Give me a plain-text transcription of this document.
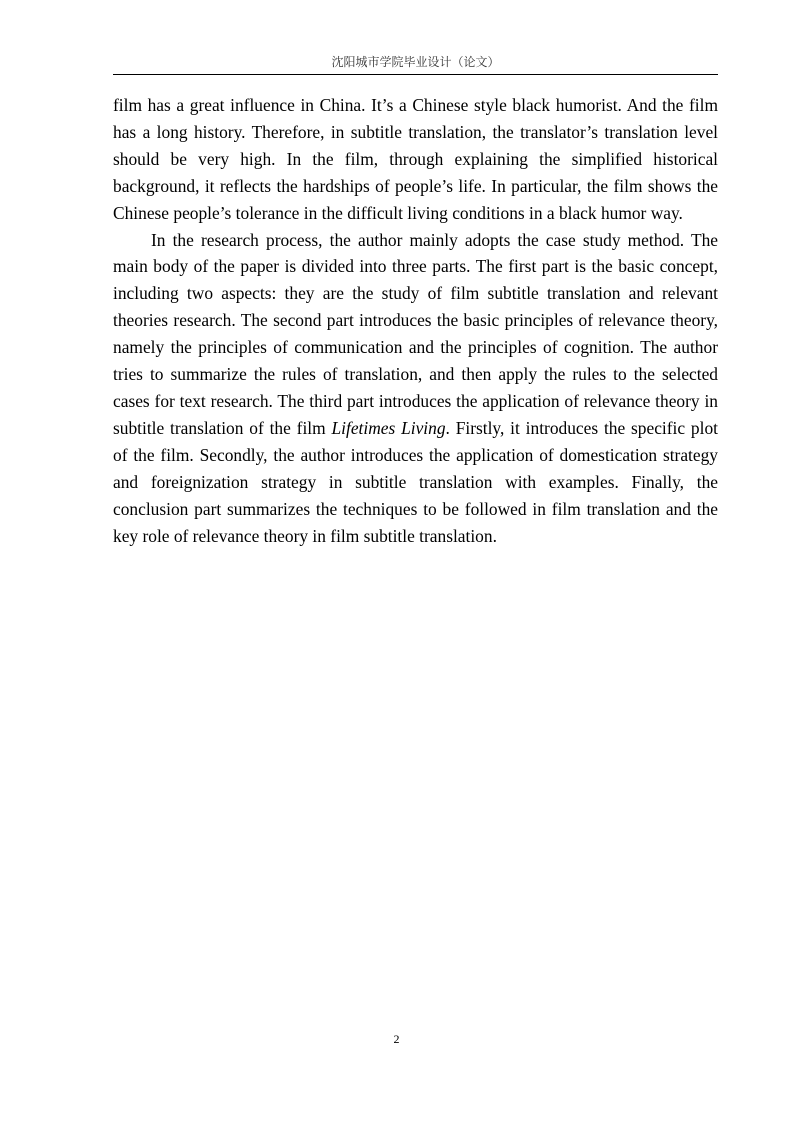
沈阳城市学院毕业设计（论文）

film has a great influence in China. It’s a Chinese style black humorist. And the film has a long history. Therefore, in subtitle translation, the translator’s translation level should be very high. In the film, through explaining the simplified historical background, it reflects the hardships of people’s life. In particular, the film shows the Chinese people’s tolerance in the difficult living conditions in a black humor way.

In the research process, the author mainly adopts the case study method. The main body of the paper is divided into three parts. The first part is the basic concept, including two aspects: they are the study of film subtitle translation and relevant theories research. The second part introduces the basic principles of relevance theory, namely the principles of communication and the principles of cognition. The author tries to summarize the rules of translation, and then apply the rules to the selected cases for text research. The third part introduces the application of relevance theory in subtitle translation of the film Lifetimes Living. Firstly, it introduces the specific plot of the film. Secondly, the author introduces the application of domestication strategy and foreignization strategy in subtitle translation with examples. Finally, the conclusion part summarizes the techniques to be followed in film translation and the key role of relevance theory in film subtitle translation.

2
